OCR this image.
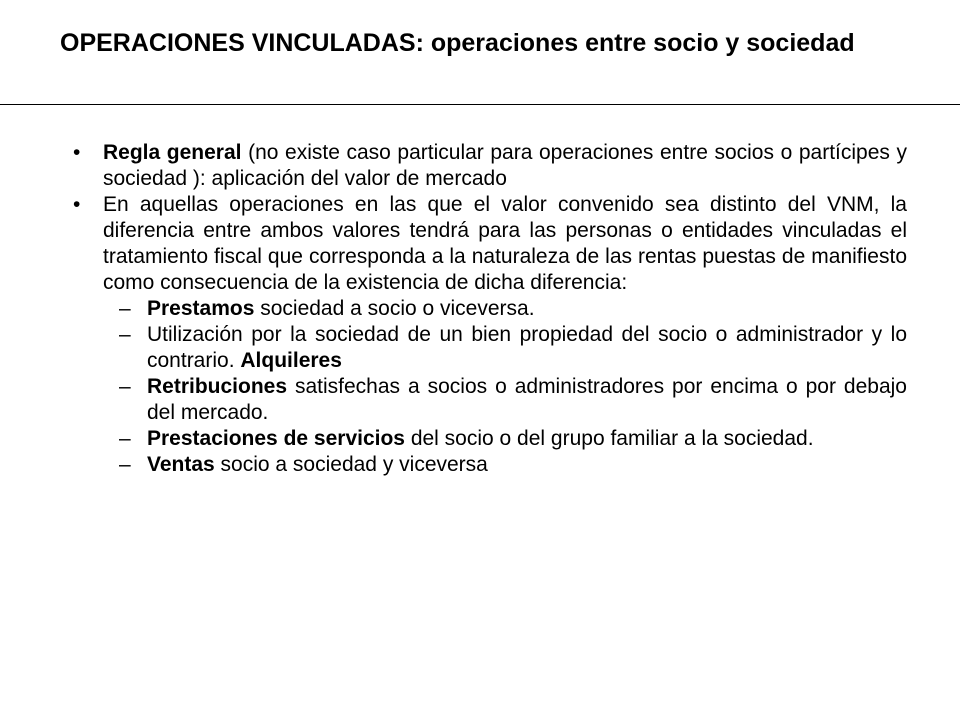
OPERACIONES VINCULADAS: operaciones entre socio y sociedad
• Regla general (no existe caso particular para operaciones entre socios o partícipes y sociedad ): aplicación del valor de mercado
• En aquellas operaciones en las que el valor convenido sea distinto del VNM, la diferencia entre ambos valores tendrá para las personas o entidades vinculadas el tratamiento fiscal que corresponda a la naturaleza de las rentas puestas de manifiesto como consecuencia de la existencia de dicha diferencia:
– Prestamos sociedad a socio o viceversa.
– Utilización por la sociedad de un bien propiedad del socio o administrador y lo contrario. Alquileres
– Retribuciones satisfechas a socios o administradores por encima o por debajo del mercado.
– Prestaciones de servicios del socio o del grupo familiar a la sociedad.
– Ventas socio a sociedad y viceversa
